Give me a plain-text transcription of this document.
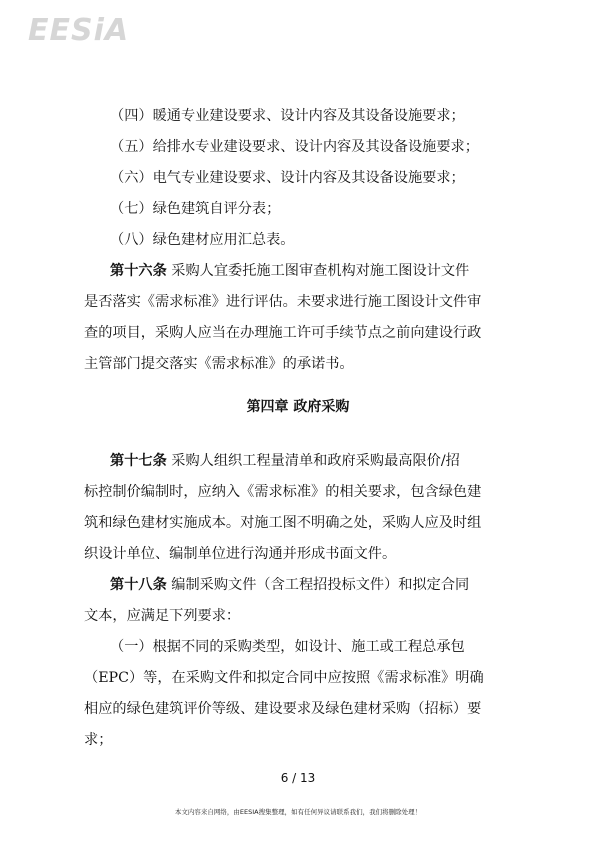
EESiA
（四）暖通专业建设要求、设计内容及其设备设施要求；
（五）给排水专业建设要求、设计内容及其设备设施要求；
（六）电气专业建设要求、设计内容及其设备设施要求；
（七）绿色建筑自评分表；
（八）绿色建材应用汇总表。
第十六条 采购人宜委托施工图审查机构对施工图设计文件
是否落实《需求标准》进行评估。未要求进行施工图设计文件审
查的项目，采购人应当在办理施工许可手续节点之前向建设行政
主管部门提交落实《需求标准》的承诺书。
第四章 政府采购
第十七条 采购人组织工程量清单和政府采购最高限价/招
标控制价编制时，应纳入《需求标准》的相关要求，包含绿色建
筑和绿色建材实施成本。对施工图不明确之处，采购人应及时组
织设计单位、编制单位进行沟通并形成书面文件。
第十八条 编制采购文件（含工程招投标文件）和拟定合同
文本，应满足下列要求：
（一）根据不同的采购类型，如设计、施工或工程总承包
（EPC）等，在采购文件和拟定合同中应按照《需求标准》明确
相应的绿色建筑评价等级、建设要求及绿色建材采购（招标）要
求；
6 / 13
本文内容来自网络，由EESIA搜集整理，如有任何异议请联系我们，我们将删除处理！
